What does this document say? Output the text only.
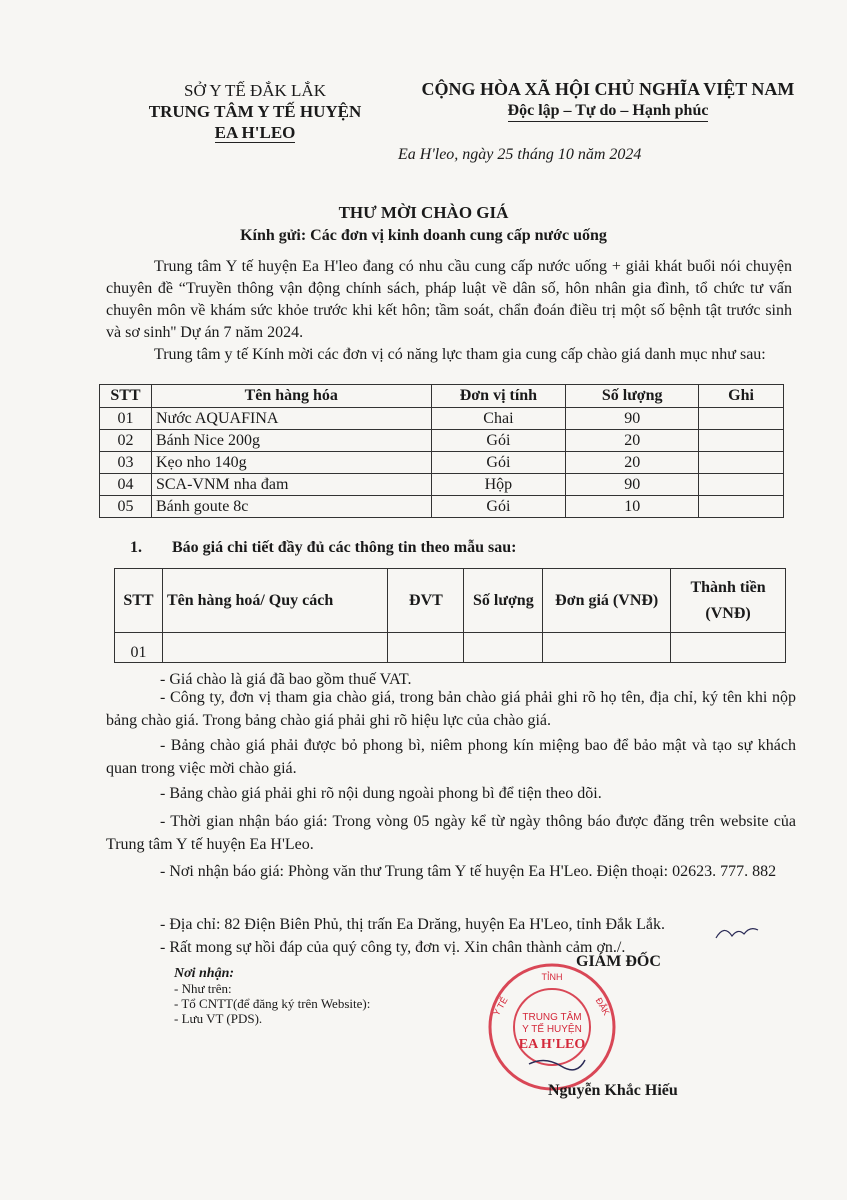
SỞ Y TẾ ĐẮK LẮK
TRUNG TÂM Y TẾ HUYỆN
EA H'LEO
CỘNG HÒA XÃ HỘI CHỦ NGHĨA VIỆT NAM
Độc lập – Tự do – Hạnh phúc
Ea H'leo, ngày 25 tháng 10 năm 2024
THƯ MỜI CHÀO GIÁ
Kính gửi: Các đơn vị kinh doanh cung cấp nước uống
Trung tâm Y tế huyện Ea H'leo đang có nhu cầu cung cấp nước uống + giải khát buổi nói chuyện chuyên đề “Truyền thông vận động chính sách, pháp luật về dân số, hôn nhân gia đình, tổ chức tư vấn chuyên môn về khám sức khỏe trước khi kết hôn; tầm soát, chẩn đoán điều trị một số bệnh tật trước sinh và sơ sinh'' Dự án 7 năm 2024.
Trung tâm y tế Kính mời các đơn vị có năng lực tham gia cung cấp chào giá danh mục như sau:
STT	Tên hàng hóa	Đơn vị tính	Số lượng	Ghi
01	Nước AQUAFINA	Chai	90	
02	Bánh Nice 200g	Gói	20	
03	Kẹo nho 140g	Gói	20	
04	SCA-VNM nha đam	Hộp	90	
05	Bánh goute 8c	Gói	10	
1. Báo giá chi tiết đầy đủ các thông tin theo mẫu sau:
STT	Tên hàng hoá/ Quy cách	ĐVT	Số lượng	Đơn giá (VNĐ)	Thành tiền (VNĐ)
01					
- Giá chào là giá đã bao gồm thuế VAT.
- Công ty, đơn vị tham gia chào giá, trong bản chào giá phải ghi rõ họ tên, địa chỉ, ký tên khi nộp bảng chào giá. Trong bảng chào giá phải ghi rõ hiệu lực của chào giá.
- Bảng chào giá phải được bỏ phong bì, niêm phong kín miệng bao để bảo mật và tạo sự khách quan trong việc mời chào giá.
- Bảng chào giá phải ghi rõ nội dung ngoài phong bì để tiện theo dõi.
- Thời gian nhận báo giá: Trong vòng 05 ngày kể từ ngày thông báo được đăng trên website của Trung tâm Y tế huyện Ea H'Leo.
- Nơi nhận báo giá: Phòng văn thư Trung tâm Y tế huyện Ea H'Leo. Điện thoại: 02623. 777. 882
- Địa chỉ: 82 Điện Biên Phủ, thị trấn Ea Drăng, huyện Ea H'Leo, tỉnh Đắk Lắk.
- Rất mong sự hồi đáp của quý công ty, đơn vị. Xin chân thành cảm ơn./.
Nơi nhận:
- Như trên:
- Tổ CNTT(để đăng ký trên Website):
- Lưu VT (PDS).
TỈNH
Y TẾ	ĐẮK
TRUNG TÂM
Y TẾ HUYỆN
EA H'LEO
GIÁM ĐỐC
Nguyễn Khắc Hiếu
